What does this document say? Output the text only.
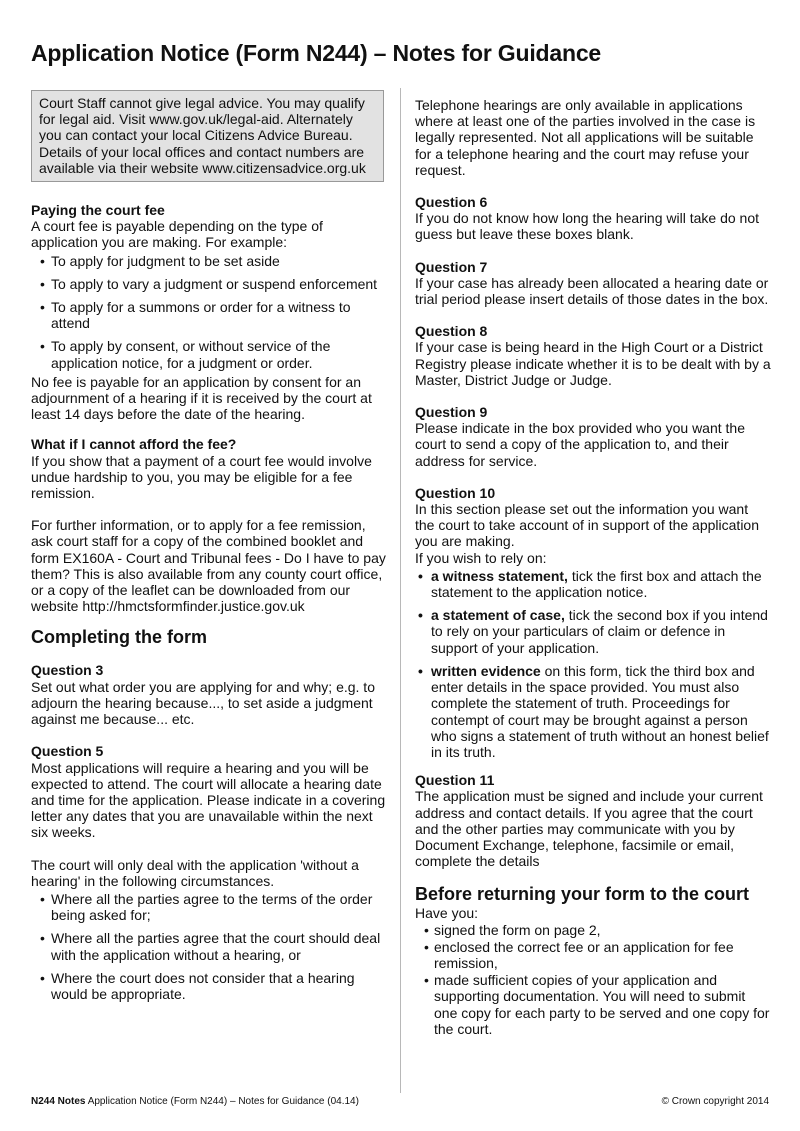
Application Notice (Form N244) – Notes for Guidance
Court Staff cannot give legal advice. You may qualify for legal aid. Visit www.gov.uk/legal-aid. Alternately you can contact your local Citizens Advice Bureau. Details of your local offices and contact numbers are available via their website www.citizensadvice.org.uk

Paying the court fee

A court fee is payable depending on the type of application you are making. For example:

• To apply for judgment to be set aside
• To apply to vary a judgment or suspend enforcement
• To apply for a summons or order for a witness to attend
• To apply by consent, or without service of the application notice, for a judgment or order.

No fee is payable for an application by consent for an adjournment of a hearing if it is received by the court at least 14 days before the date of the hearing.

What if I cannot afford the fee?

If you show that a payment of a court fee would involve undue hardship to you, you may be eligible for a fee remission.

For further information, or to apply for a fee remission, ask court staff for a copy of the combined booklet and form EX160A - Court and Tribunal fees - Do I have to pay them? This is also available from any county court office, or a copy of the leaflet can be downloaded from our website http://hmctsformfinder.justice.gov.uk

Completing the form

Question 3

Set out what order you are applying for and why; e.g. to adjourn the hearing because..., to set aside a judgment against me because... etc.

Question 5

Most applications will require a hearing and you will be expected to attend. The court will allocate a hearing date and time for the application. Please indicate in a covering letter any dates that you are unavailable within the next six weeks.

The court will only deal with the application 'without a hearing' in the following circumstances.

• Where all the parties agree to the terms of the order being asked for;
• Where all the parties agree that the court should deal with the application without a hearing, or
• Where the court does not consider that a hearing would be appropriate.

Telephone hearings are only available in applications where at least one of the parties involved in the case is legally represented. Not all applications will be suitable for a telephone hearing and the court may refuse your request.

Question 6

If you do not know how long the hearing will take do not guess but leave these boxes blank.

Question 7

If your case has already been allocated a hearing date or trial period please insert details of those dates in the box.

Question 8

If your case is being heard in the High Court or a District Registry please indicate whether it is to be dealt with by a Master, District Judge or Judge.

Question 9

Please indicate in the box provided who you want the court to send a copy of the application to, and their address for service.

Question 10

In this section please set out the information you want the court to take account of in support of the application you are making.

If you wish to rely on:

• a witness statement, tick the first box and attach the statement to the application notice.
• a statement of case, tick the second box if you intend to rely on your particulars of claim or defence in support of your application.
• written evidence on this form, tick the third box and enter details in the space provided. You must also complete the statement of truth. Proceedings for contempt of court may be brought against a person who signs a statement of truth without an honest belief in its truth.

Question 11

The application must be signed and include your current address and contact details. If you agree that the court and the other parties may communicate with you by Document Exchange, telephone, facsimile or email, complete the details

Before returning your form to the court

Have you:

• signed the form on page 2,
• enclosed the correct fee or an application for fee remission,
• made sufficient copies of your application and supporting documentation. You will need to submit one copy for each party to be served and one copy for the court.
N244 Notes Application Notice (Form N244) – Notes for Guidance (04.14)	© Crown copyright 2014
